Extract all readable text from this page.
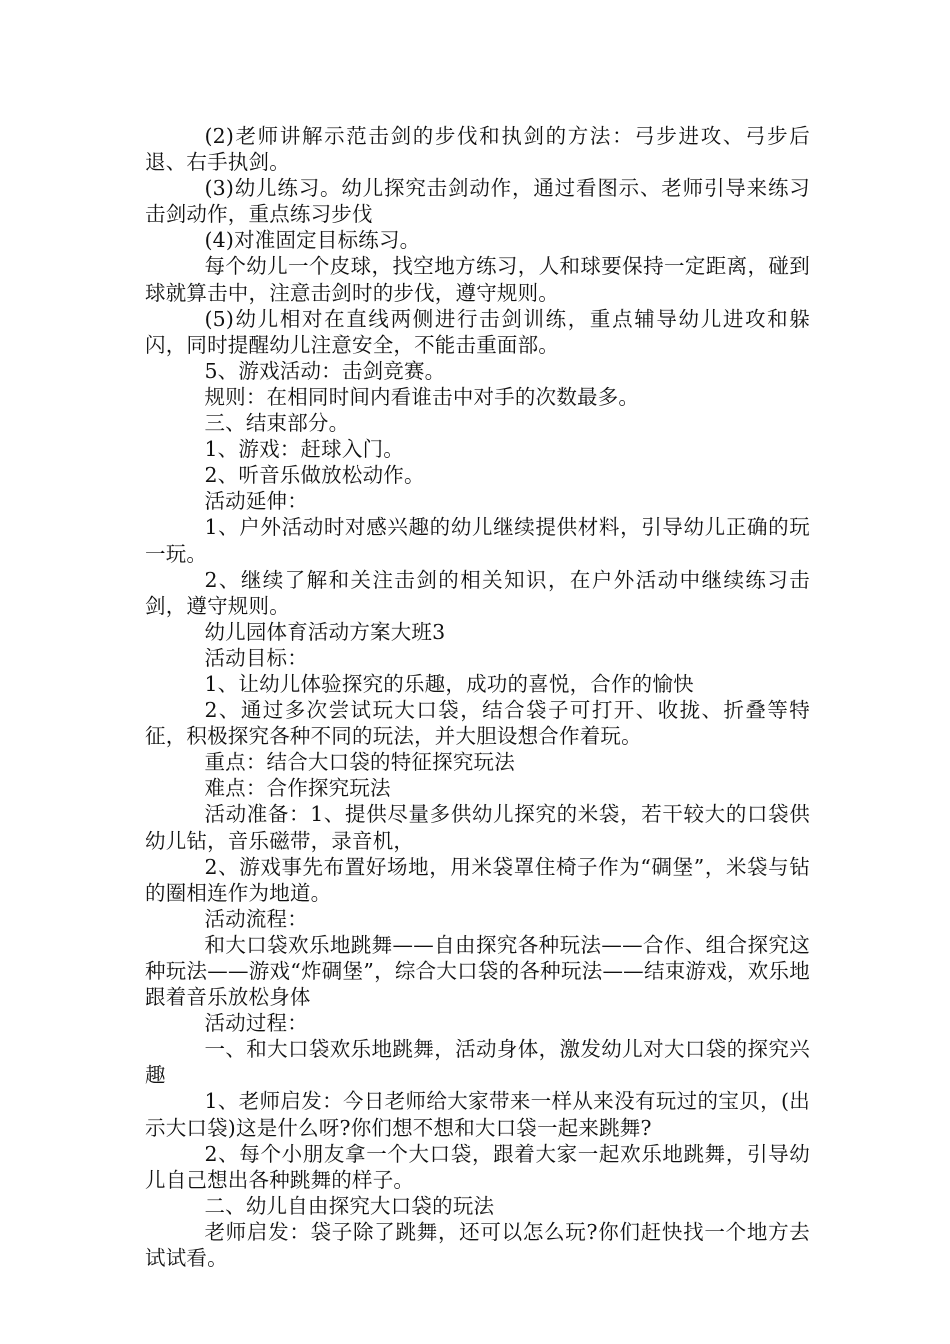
(2)老师讲解示范击剑的步伐和执剑的方法：弓步进攻、弓步后退、右手执剑。

(3)幼儿练习。幼儿探究击剑动作，通过看图示、老师引导来练习击剑动作，重点练习步伐

(4)对准固定目标练习。

每个幼儿一个皮球，找空地方练习，人和球要保持一定距离，碰到球就算击中，注意击剑时的步伐，遵守规则。

(5)幼儿相对在直线两侧进行击剑训练，重点辅导幼儿进攻和躲闪，同时提醒幼儿注意安全，不能击重面部。

5、游戏活动：击剑竞赛。

规则：在相同时间内看谁击中对手的次数最多。

三、结束部分。

1、游戏：赶球入门。

2、听音乐做放松动作。

活动延伸：

1、户外活动时对感兴趣的幼儿继续提供材料，引导幼儿正确的玩一玩。

2、继续了解和关注击剑的相关知识，在户外活动中继续练习击剑，遵守规则。

幼儿园体育活动方案大班3

活动目标：

1、让幼儿体验探究的乐趣，成功的喜悦，合作的愉快

2、通过多次尝试玩大口袋，结合袋子可打开、收拢、折叠等特征，积极探究各种不同的玩法，并大胆设想合作着玩。

重点：结合大口袋的特征探究玩法

难点：合作探究玩法

活动准备：1、提供尽量多供幼儿探究的米袋，若干较大的口袋供幼儿钻，音乐磁带，录音机，

2、游戏事先布置好场地，用米袋罩住椅子作为“碉堡”，米袋与钻的圈相连作为地道。

活动流程：

和大口袋欢乐地跳舞——自由探究各种玩法——合作、组合探究这种玩法——游戏“炸碉堡”，综合大口袋的各种玩法——结束游戏，欢乐地跟着音乐放松身体

活动过程：

一、和大口袋欢乐地跳舞，活动身体，激发幼儿对大口袋的探究兴趣

1、老师启发：今日老师给大家带来一样从来没有玩过的宝贝，(出示大口袋)这是什么呀?你们想不想和大口袋一起来跳舞?

2、每个小朋友拿一个大口袋，跟着大家一起欢乐地跳舞，引导幼儿自己想出各种跳舞的样子。

二、幼儿自由探究大口袋的玩法

老师启发：袋子除了跳舞，还可以怎么玩?你们赶快找一个地方去试试看。
